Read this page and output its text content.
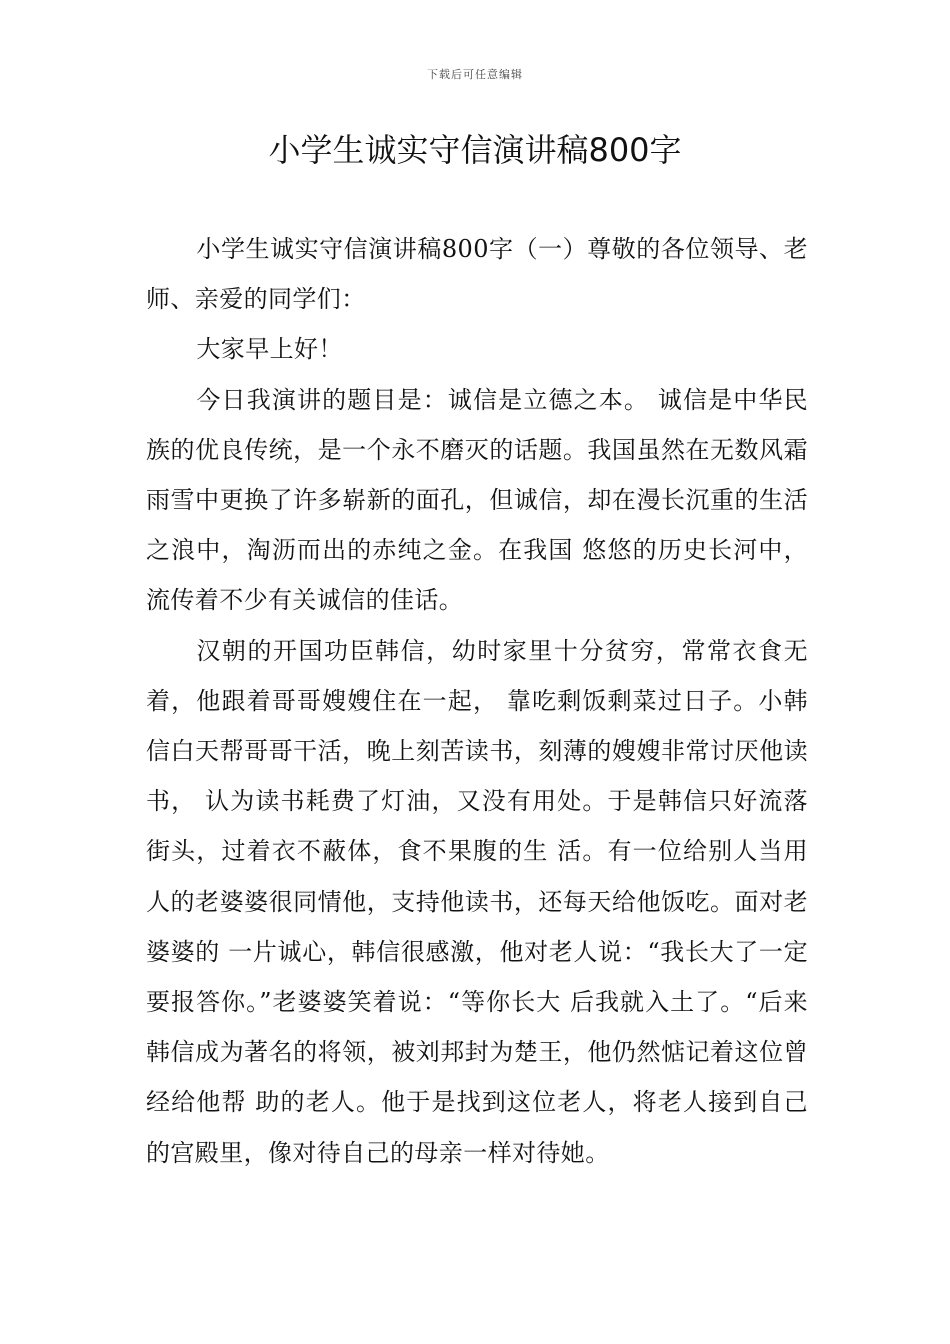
下载后可任意编辑
小学生诚实守信演讲稿800字

小学生诚实守信演讲稿800字（一）尊敬的各位领导、老师、亲爱的同学们：

大家早上好！

今日我演讲的题目是：诚信是立德之本。 诚信是中华民族的优良传统，是一个永不磨灭的话题。我国虽然在无数风霜雨雪中更换了许多崭新的面孔，但诚信，却在漫长沉重的生活之浪中，淘沥而出的赤纯之金。在我国 悠悠的历史长河中，流传着不少有关诚信的佳话。

汉朝的开国功臣韩信，幼时家里十分贫穷，常常衣食无着，他跟着哥哥嫂嫂住在一起， 靠吃剩饭剩菜过日子。小韩信白天帮哥哥干活，晚上刻苦读书，刻薄的嫂嫂非常讨厌他读书， 认为读书耗费了灯油，又没有用处。于是韩信只好流落街头，过着衣不蔽体，食不果腹的生 活。有一位给别人当用人的老婆婆很同情他，支持他读书，还每天给他饭吃。面对老婆婆的 一片诚心，韩信很感激，他对老人说：“我长大了一定要报答你。”老婆婆笑着说：“等你长大 后我就入土了。“后来韩信成为著名的将领，被刘邦封为楚王，他仍然惦记着这位曾经给他帮 助的老人。他于是找到这位老人，将老人接到自己的宫殿里，像对待自己的母亲一样对待她。
